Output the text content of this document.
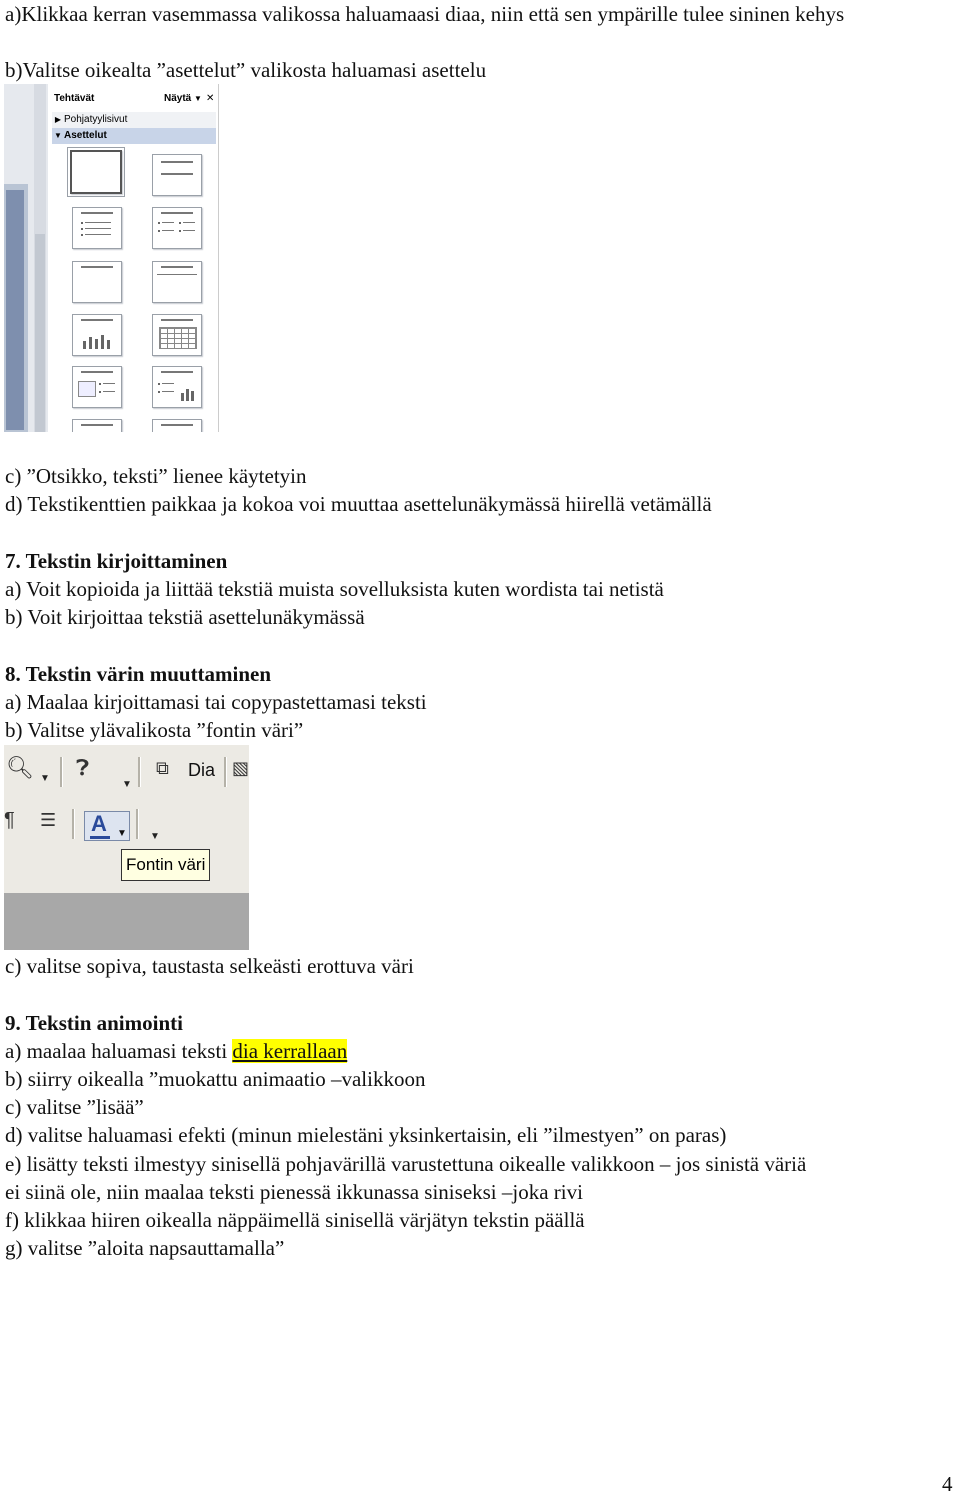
a)Klikkaa kerran vasemmassa valikossa haluamaasi diaa, niin että sen ympärille tulee sininen kehys
b)Valitse oikealta ”asettelut” valikosta haluamasi asettelu
Tehtävät	Näytä ▼ ✕
▶ Pohjatyylisivut
▼ Asettelut
c) ”Otsikko, teksti” lienee käytetyin
d) Tekstikenttien paikkaa ja kokoa voi muuttaa asettelunäkymässä hiirellä vetämällä
7. Tekstin kirjoittaminen
a) Voit kopioida ja liittää tekstiä muista sovelluksista kuten wordista tai netistä
b) Voit kirjoittaa tekstiä asettelunäkymässä
8. Tekstin värin muuttaminen
a) Maalaa kirjoittamasi tai copypastettamasi teksti
b) Valitse ylävalikosta ”fontin väri”
🔍︎ ▼ ❓︎
▼
⧉ Dia ▧
¶ ☰ A ▼ ▼
Fontin väri
c) valitse sopiva, taustasta selkeästi erottuva väri
9. Tekstin animointi
a) maalaa haluamasi teksti dia kerrallaan
b) siirry oikealla ”muokattu animaatio –valikkoon
c) valitse ”lisää”
d) valitse haluamasi efekti (minun mielestäni yksinkertaisin, eli ”ilmestyen” on paras)
e) lisätty teksti ilmestyy sinisellä pohjavärillä varustettuna oikealle valikkoon – jos sinistä väriä
ei siinä ole, niin maalaa teksti pienessä ikkunassa siniseksi –joka rivi
f) klikkaa hiiren oikealla näppäimellä sinisellä värjätyn tekstin päällä
g) valitse ”aloita napsauttamalla”
4
